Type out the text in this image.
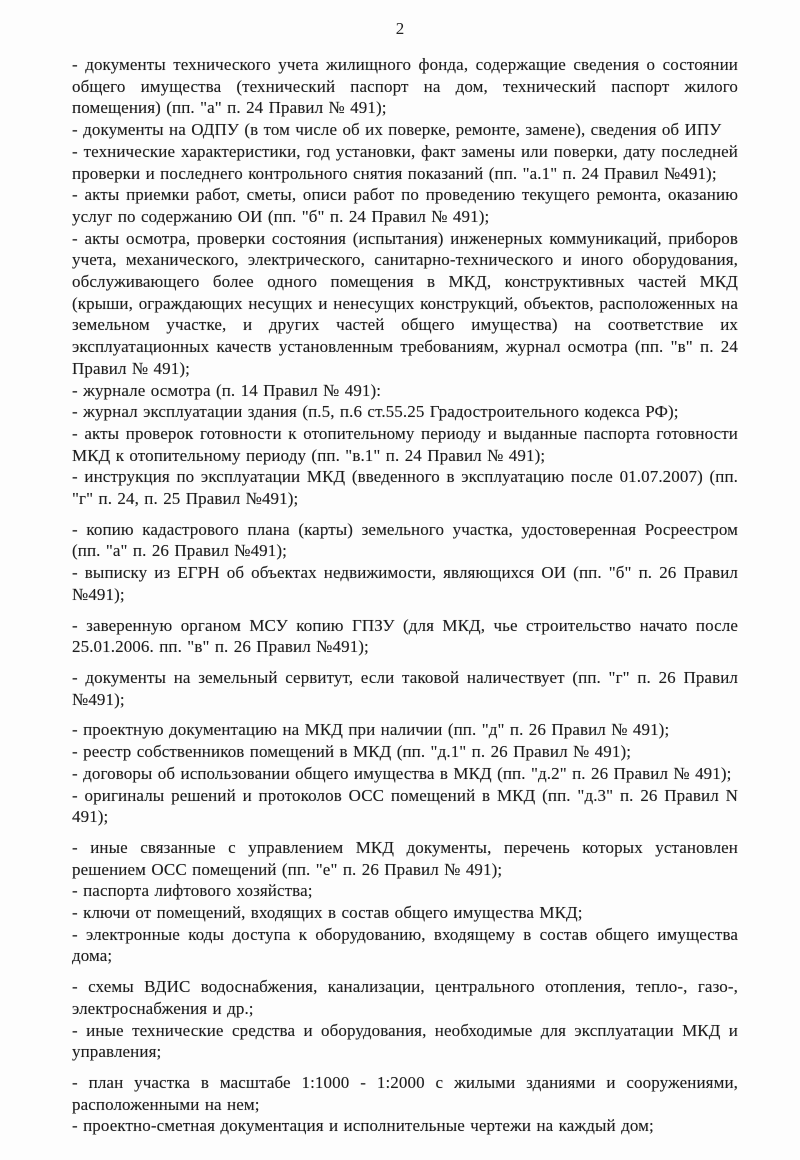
2

- документы технического учета жилищного фонда, содержащие сведения о состоянии общего имущества (технический паспорт на дом, технический паспорт жилого помещения) (пп. "а" п. 24 Правил № 491);

- документы на ОДПУ (в том числе об их поверке, ремонте, замене), сведения об ИПУ

- технические характеристики, год установки, факт замены или поверки, дату последней проверки и последнего контрольного снятия показаний (пп. "а.1" п. 24 Правил №491);

- акты приемки работ, сметы, описи работ по проведению текущего ремонта, оказанию услуг по содержанию ОИ (пп. "б" п. 24 Правил № 491);

- акты осмотра, проверки состояния (испытания) инженерных коммуникаций, приборов учета, механического, электрического, санитарно-технического и иного оборудования, обслуживающего более одного помещения в МКД, конструктивных частей МКД (крыши, ограждающих несущих и ненесущих конструкций, объектов, расположенных на земельном участке, и других частей общего имущества) на соответствие их эксплуатационных качеств установленным требованиям, журнал осмотра (пп. "в" п. 24 Правил № 491);

- журнале осмотра (п. 14 Правил № 491):

- журнал эксплуатации здания (п.5, п.6 ст.55.25 Градостроительного кодекса РФ);

- акты проверок готовности к отопительному периоду и выданные паспорта готовности МКД к отопительному периоду (пп. "в.1" п. 24 Правил № 491);

- инструкция по эксплуатации МКД (введенного в эксплуатацию после 01.07.2007) (пп. "г" п. 24, п. 25 Правил №491);

- копию кадастрового плана (карты) земельного участка, удостоверенная Росреестром (пп. "а" п. 26 Правил №491);

- выписку из ЕГРН об объектах недвижимости, являющихся ОИ (пп. "б" п. 26 Правил №491);

- заверенную органом МСУ копию ГПЗУ (для МКД, чье строительство начато после 25.01.2006. пп. "в" п. 26 Правил №491);

- документы на земельный сервитут, если таковой наличествует (пп. "г" п. 26 Правил №491);

- проектную документацию на МКД при наличии (пп. "д" п. 26 Правил № 491);

- реестр собственников помещений в МКД (пп. "д.1" п. 26 Правил № 491);

- договоры об использовании общего имущества в МКД (пп. "д.2" п. 26 Правил № 491);

- оригиналы решений и протоколов ОСС помещений в МКД (пп. "д.3" п. 26 Правил N 491);

- иные связанные с управлением МКД документы, перечень которых установлен решением ОСС помещений (пп. "е" п. 26 Правил № 491);

- паспорта лифтового хозяйства;

- ключи от помещений, входящих в состав общего имущества МКД;

- электронные коды доступа к оборудованию, входящему в состав общего имущества дома;

- схемы ВДИС водоснабжения, канализации, центрального отопления, тепло-, газо-, электроснабжения и др.;

- иные технические средства и оборудования, необходимые для эксплуатации МКД и управления;

- план участка в масштабе 1:1000 - 1:2000 с жилыми зданиями и сооружениями, расположенными на нем;

- проектно-сметная документация и исполнительные чертежи на каждый дом;
